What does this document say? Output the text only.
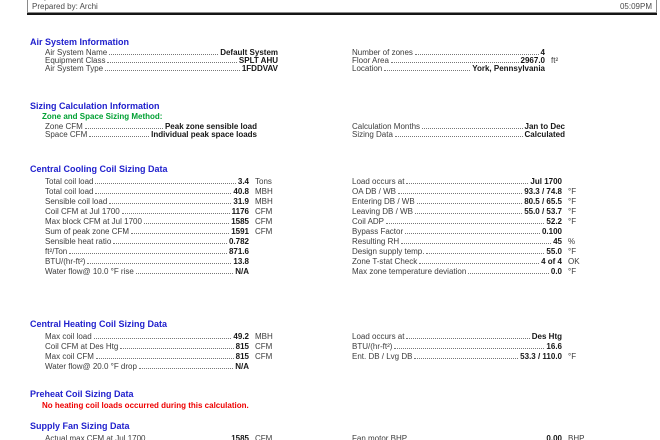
Prepared by: Archi	05:09PM
Air System Information
Air System Name	Default System
Equipment Class	SPLT AHU
Air System Type	1FDDVAV
Number of zones	4
Floor Area	2967.0 ft²
Location	York, Pennsylvania
Sizing Calculation Information
Zone and Space Sizing Method:
Zone CFM	Peak zone sensible load
Space CFM	Individual peak space loads
Calculation Months	Jan to Dec
Sizing Data	Calculated
Central Cooling Coil Sizing Data
Total coil load	3.4 Tons
Total coil load	40.8 MBH
Sensible coil load	31.9 MBH
Coil CFM at Jul 1700	1176 CFM
Max block CFM at Jul 1700	1585 CFM
Sum of peak zone CFM	1591 CFM
Sensible heat ratio	0.782
ft²/Ton	871.6
BTU/(hr-ft²)	13.8
Water flow@ 10.0 °F rise	N/A
Load occurs at	Jul 1700
OA DB / WB	93.3 / 74.8 °F
Entering DB / WB	80.5 / 65.5 °F
Leaving DB / WB	55.0 / 53.7 °F
Coil ADP	52.2 °F
Bypass Factor	0.100
Resulting RH	45 %
Design supply temp.	55.0 °F
Zone T-stat Check	4 of 4 OK
Max zone temperature deviation	0.0 °F
Central Heating Coil Sizing Data
Max coil load	49.2 MBH
Coil CFM at Des Htg	815 CFM
Max coil CFM	815 CFM
Water flow@ 20.0 °F drop	N/A
Load occurs at	Des Htg
BTU/(hr-ft²)	16.6
Ent. DB / Lvg DB	53.3 / 110.0 °F
Preheat Coil Sizing Data
No heating coil loads occurred during this calculation.
Supply Fan Sizing Data
Actual max CFM at Jul 1700	1585 CFM	Fan motor BHP	0.00 BHP
